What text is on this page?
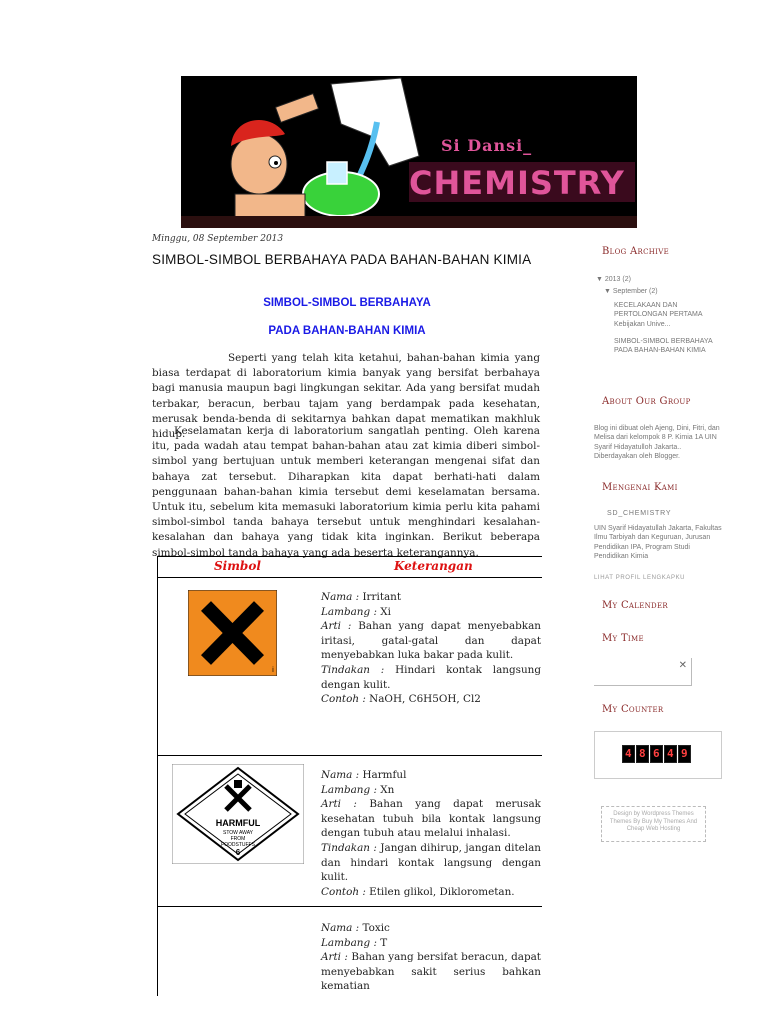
Si Dansi_
CHEMISTRY
Minggu, 08 September 2013
SIMBOL-SIMBOL BERBAHAYA PADA BAHAN-BAHAN KIMIA
SIMBOL-SIMBOL BERBAHAYA
PADA BAHAN-BAHAN KIMIA

Seperti yang telah kita ketahui, bahan-bahan kimia yang biasa terdapat di laboratorium kimia banyak yang bersifat berbahaya bagi manusia maupun bagi lingkungan sekitar. Ada yang bersifat mudah terbakar, beracun, berbau tajam yang berdampak pada kesehatan, merusak benda-benda di sekitarnya bahkan dapat mematikan makhluk hidup.

Keselamatan kerja di laboratorium sangatlah penting. Oleh karena itu, pada wadah atau tempat bahan-bahan atau zat kimia diberi simbol-simbol yang bertujuan untuk memberi keterangan mengenai sifat dan bahaya zat tersebut. Diharapkan kita dapat berhati-hati dalam penggunaan bahan-bahan kimia tersebut demi keselamatan bersama. Untuk itu, sebelum kita memasuki laboratorium kimia perlu kita pahami simbol-simbol tanda bahaya tersebut untuk menghindari kesalahan-kesalahan dan bahaya yang tidak kita inginkan. Berikut beberapa simbol-simbol tanda bahaya yang ada beserta keterangannya.

Simbol	Keterangan
i
Nama : Irritant
Lambang : Xi
Arti : Bahan yang dapat menyebabkan iritasi, gatal-gatal dan dapat menyebabkan luka bakar pada kulit.
Tindakan : Hindari kontak langsung dengan kulit.
Contoh : NaOH, C6H5OH, Cl2
HARMFUL
STOW AWAY
FROM
FOODSTUFFS
6
Nama : Harmful
Lambang : Xn
Arti : Bahan yang dapat merusak kesehatan tubuh bila kontak langsung dengan tubuh atau melalui inhalasi.
Tindakan : Jangan dihirup, jangan ditelan dan hindari kontak langsung dengan kulit.
Contoh : Etilen glikol, Diklorometan.
Nama : Toxic
Lambang : T
Arti : Bahan yang bersifat beracun, dapat menyebabkan sakit serius bahkan kematian
Blog Archive
▼ 2013 (2)
▼ September (2)
KECELAKAAN DAN PERTOLONGAN PERTAMA Kebijakan Unive...
SIMBOL-SIMBOL BERBAHAYA PADA BAHAN-BAHAN KIMIA
About Our Group
Blog ini dibuat oleh Ajeng, Dini, Fitri, dan Melisa dari kelompok 8 P. Kimia 1A UIN Syarif Hidayatulloh Jakarta.. Diberdayakan oleh Blogger.
Mengenai Kami
SD_CHEMISTRY
UIN Syarif Hidayatullah Jakarta, Fakultas Ilmu Tarbiyah dan Keguruan, Jurusan Pendidikan IPA, Program Studi Pendidikan Kimia
LIHAT PROFIL LENGKAPKU
My Calender
My Time
✕
My Counter
4 8 6 4 9
Design by Wordpress Themes Themes By Buy My Themes And Cheap Web Hosting
